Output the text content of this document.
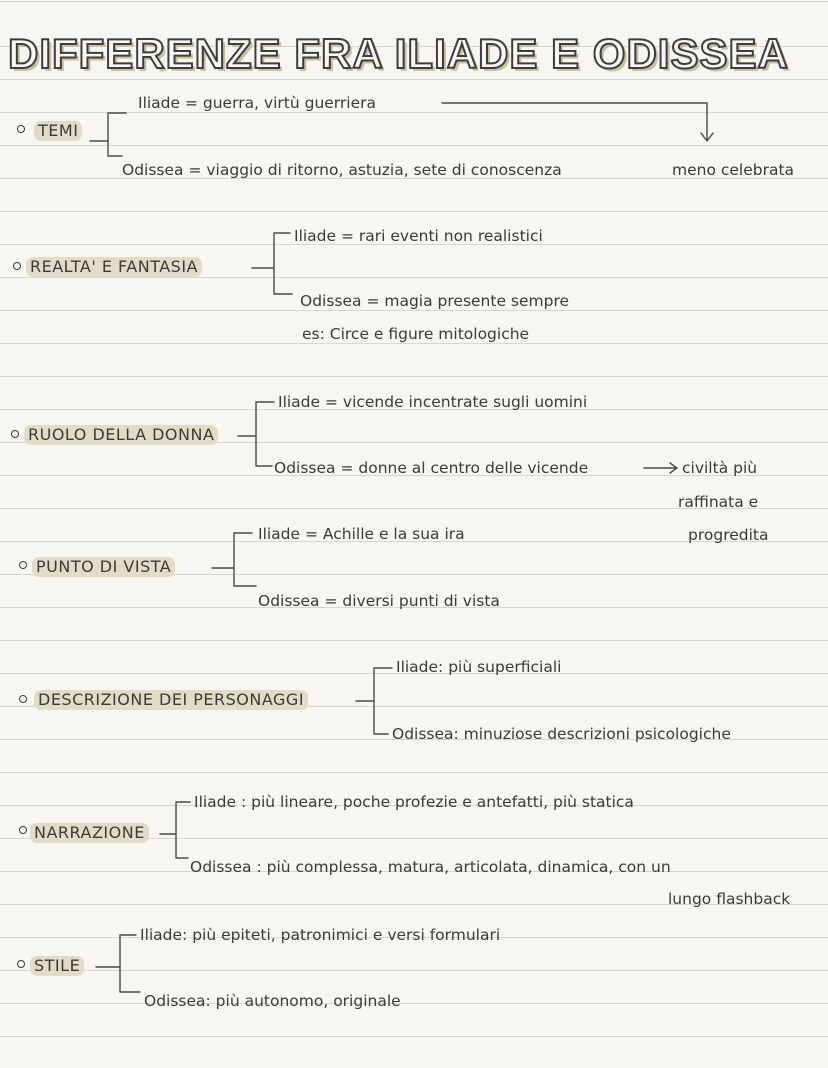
DIFFERENZE FRA ILIADE E ODISSEA
TEMI
Iliade = guerra, virtù guerriera
Odissea = viaggio di ritorno, astuzia, sete di conoscenza	meno celebrata
REALTA' E FANTASIA
Iliade = rari eventi non realistici
Odissea = magia presente sempre
es: Circe e figure mitologiche
RUOLO DELLA DONNA
Iliade = vicende incentrate sugli uomini
Odissea = donne al centro delle vicende	civiltà più
raffinata e
progredita
PUNTO DI VISTA
Iliade = Achille e la sua ira
Odissea = diversi punti di vista
DESCRIZIONE DEI PERSONAGGI
Iliade: più superficiali
Odissea: minuziose descrizioni psicologiche
NARRAZIONE
Iliade : più lineare, poche profezie e antefatti, più statica
Odissea : più complessa, matura, articolata, dinamica, con un
lungo flashback
STILE
Iliade: più epiteti, patronimici e versi formulari
Odissea: più autonomo, originale
